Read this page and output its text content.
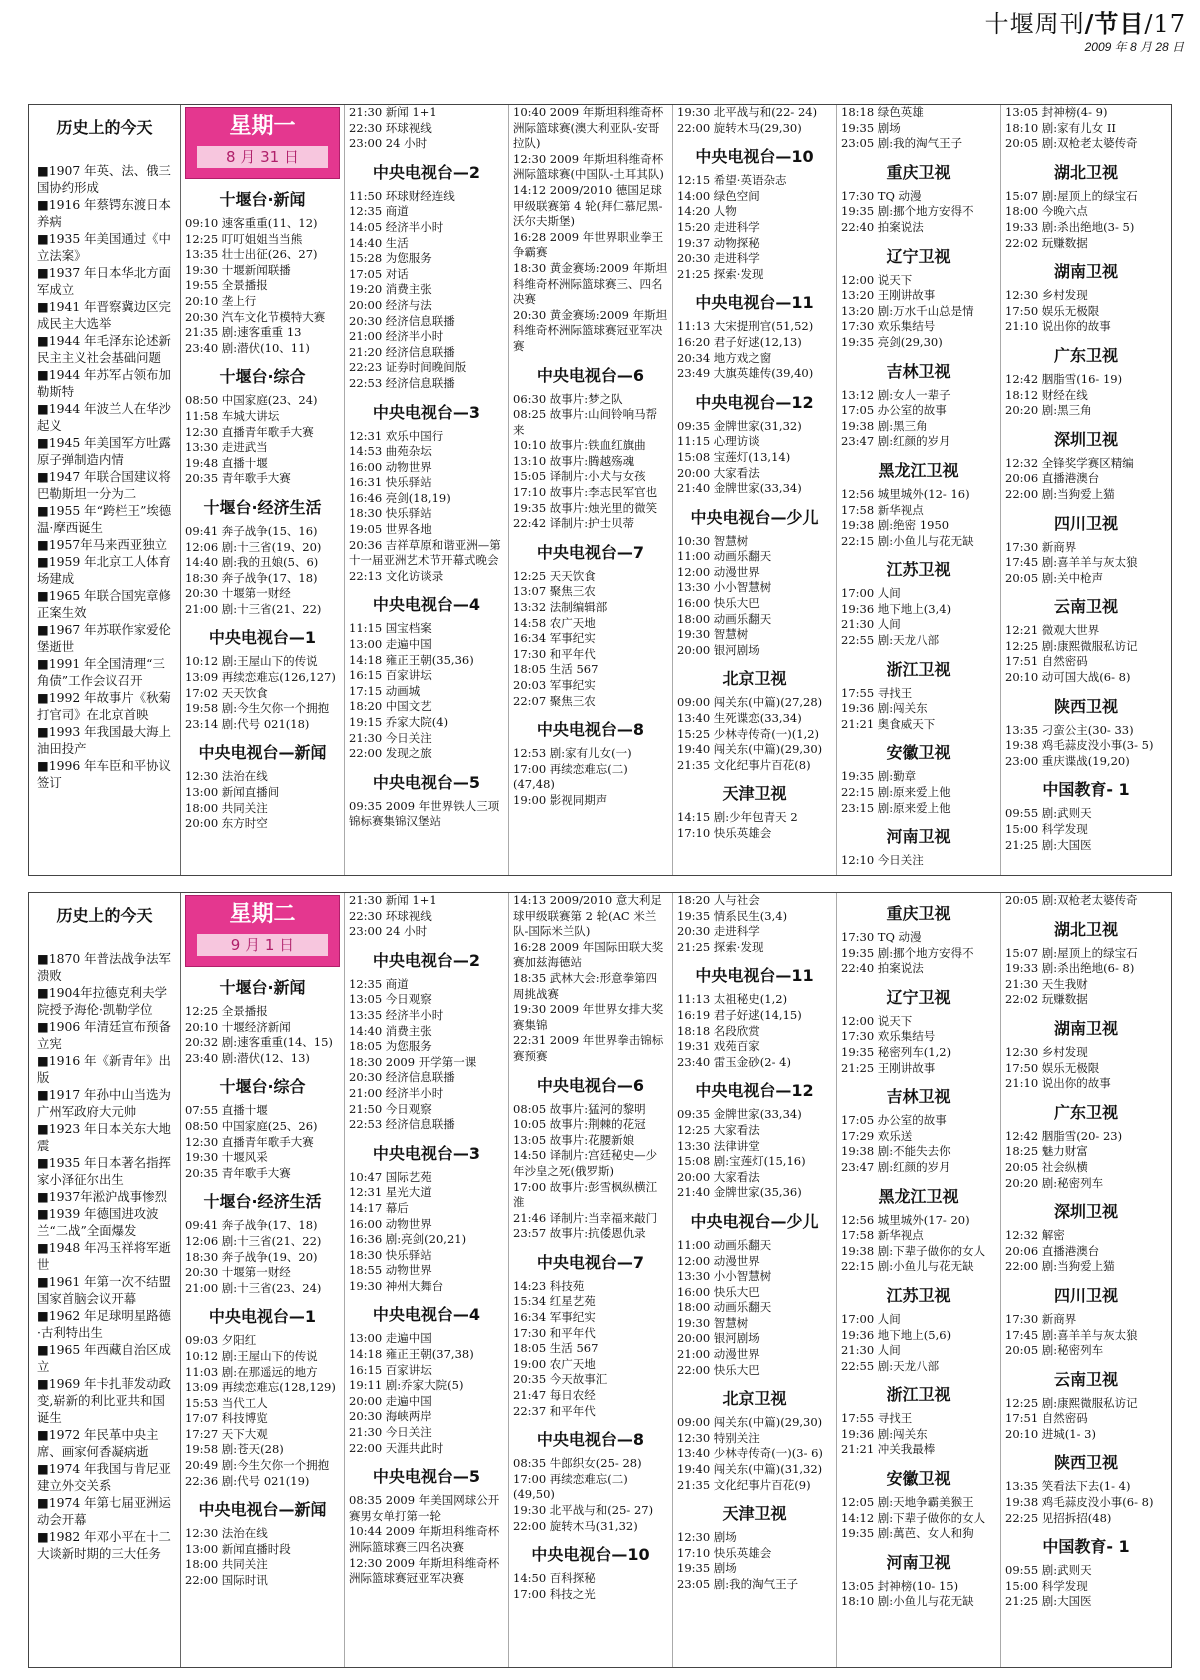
十堰周刊/节目/17
2009 年 8 月 28 日
历史上的今天
■1907 年英、法、俄三国协约形成
■1916 年蔡锷东渡日本养病
■1935 年美国通过《中立法案》
■1937 年日本华北方面军成立
■1941 年晋察冀边区完成民主大选举
■1944 年毛泽东论述新民主主义社会基础问题
■1944 年苏军占领布加勒斯特
■1944 年波兰人在华沙起义
■1945 年美国军方吐露原子弹制造内情
■1947 年联合国建议将巴勒斯坦一分为二
■1955 年“跨栏王”埃德温·摩西诞生
■1957年马来西亚独立
■1959 年北京工人体育场建成
■1965 年联合国宪章修正案生效
■1967 年苏联作家爱伦堡逝世
■1991 年全国清理“三角债”工作会议召开
■1992 年故事片《秋菊打官司》在北京首映
■1993 年我国最大海上油田投产
■1996 年车臣和平协议签订
星期一
8 月 31 日
十堰台·新闻
09:10 速客重重(11、12)
12:25 叮叮姐姐当当熊
13:35 壮士出征(26、27)
19:30 十堰新闻联播
19:55 全景播报
20:10 垄上行
20:30 汽车文化节模特大赛
21:35 剧:速客重重 13
23:40 剧:潜伏(10、11)
十堰台·综合
08:50 中国家庭(23、24)
11:58 车城大讲坛
12:30 直播青年歌手大赛
13:30 走进武当
19:48 直播十堰
20:35 青年歌手大赛
十堰台·经济生活
09:41 奔子战争(15、16)
12:06 剧:十三省(19、20)
14:40 剧:我的丑娘(5、6)
18:30 奔子战争(17、18)
20:30 十堰第一财经
21:00 剧:十三省(21、22)
中央电视台—1
10:12 剧:王屋山下的传说
13:09 再续恋难忘(126,127)
17:02 天天饮食
19:58 剧:今生欠你一个拥抱
23:14 剧:代号 021(18)
中央电视台—新闻
12:30 法治在线
13:00 新闻直播间
18:00 共同关注
20:00 东方时空
21:30 新闻 1+1
22:30 环球视线
23:00 24 小时
中央电视台—2
11:50 环球财经连线
12:35 商道
14:05 经济半小时
14:40 生活
15:28 为您服务
17:05 对话
19:20 消费主张
20:00 经济与法
20:30 经济信息联播
21:00 经济半小时
21:20 经济信息联播
22:23 证券时间晚间版
22:53 经济信息联播
中央电视台—3
12:31 欢乐中国行
14:53 曲苑杂坛
16:00 动物世界
16:31 快乐驿站
16:46 亮剑(18,19)
18:30 快乐驿站
19:05 世界各地
20:36 吉祥草原和谐亚洲—第十一届亚洲艺术节开幕式晚会
22:13 文化访谈录
中央电视台—4
11:15 国宝档案
13:00 走遍中国
14:18 雍正王朝(35,36)
16:15 百家讲坛
17:15 动画城
18:20 中国文艺
19:15 乔家大院(4)
21:30 今日关注
22:00 发现之旅
中央电视台—5
09:35 2009 年世界铁人三项锦标赛集锦汉堡站
10:40 2009 年斯坦科维奇杯洲际篮球赛(澳大利亚队-安哥拉队)
12:30 2009 年斯坦科维奇杯洲际篮球赛(中国队-土耳其队)
14:12 2009/2010 德国足球甲级联赛第 4 轮(拜仁慕尼黑-沃尔夫斯堡)
16:28 2009 年世界职业拳王争霸赛
18:30 黄金赛场:2009 年斯坦科维奇杯洲际篮球赛三、四名决赛
20:30 黄金赛场:2009 年斯坦科维奇杯洲际篮球赛冠亚军决赛
中央电视台—6
06:30 故事片:梦之队
08:25 故事片:山间铃响马帮来
10:10 故事片:铁血红旗曲
13:10 故事片:腾越殇魂
15:05 译制片:小犬与女孩
17:10 故事片:李志民军官也
19:35 故事片:烛光里的微笑
22:42 译制片:护士贝蒂
中央电视台—7
12:25 天天饮食
13:07 聚焦三农
13:32 法制编辑部
14:58 农广天地
16:34 军事纪实
17:30 和平年代
18:05 生活 567
20:03 军事纪实
22:07 聚焦三农
中央电视台—8
12:53 剧:家有儿女(一)
17:00 再续恋难忘(二)(47,48)
19:00 影视同期声
19:30 北平战与和(22- 24)
22:00 旋转木马(29,30)
中央电视台—10
12:15 希望·英语杂志
14:00 绿色空间
14:20 人物
15:20 走进科学
19:37 动物探秘
20:30 走进科学
21:25 探索·发现
中央电视台—11
11:13 大宋提刑官(51,52)
16:20 君子好逑(12,13)
20:34 地方戏之窗
23:49 大旗英雄传(39,40)
中央电视台—12
09:35 金牌世家(31,32)
11:15 心理访谈
15:08 宝莲灯(13,14)
20:00 大家看法
21:40 金牌世家(33,34)
中央电视台—少儿
10:30 智慧树
11:00 动画乐翻天
12:00 动漫世界
13:30 小小智慧树
16:00 快乐大巴
18:00 动画乐翻天
19:30 智慧树
20:00 银河剧场
北京卫视
09:00 闯关东(中篇)(27,28)
13:40 生死谍恋(33,34)
15:25 少林寺传奇(一)(1,2)
19:40 闯关东(中篇)(29,30)
21:35 文化纪事片百花(8)
天津卫视
14:15 剧:少年包青天 2
17:10 快乐英雄会
18:18 绿色英雄
19:35 剧场
23:05 剧:我的淘气王子
重庆卫视
17:30 TQ 动漫
19:35 剧:挪个地方安得不
22:40 拍案说法
辽宁卫视
12:00 说天下
13:20 王刚讲故事
13:20 剧:万水千山总是情
17:30 欢乐集结号
19:35 亮剑(29,30)
吉林卫视
13:12 剧:女人一辈子
17:05 办公室的故事
19:38 剧:黑三角
23:47 剧:红颜的岁月
黑龙江卫视
12:56 城里城外(12- 16)
17:58 新华视点
19:38 剧:绝密 1950
22:15 剧:小鱼儿与花无缺
江苏卫视
17:00 人间
19:36 地下地上(3,4)
21:30 人间
22:55 剧:天龙八部
浙江卫视
17:55 寻找王
19:36 剧:闯关东
21:21 奥食威天下
安徽卫视
19:35 剧:勤章
22:15 剧:原来爱上他
23:15 剧:原来爱上他
河南卫视
12:10 今日关注
13:05 封神榜(4- 9)
18:10 剧:家有儿女 II
20:05 剧:双枪老太婆传奇
湖北卫视
15:07 剧:屋顶上的绿宝石
18:00 今晚六点
19:33 剧:杀出绝地(3- 5)
22:02 玩赚数据
湖南卫视
12:30 乡村发现
17:50 娱乐无极限
21:10 说出你的故事
广东卫视
12:42 胭脂雪(16- 19)
18:12 财经在线
20:20 剧:黑三角
深圳卫视
12:32 全锋奖学赛区精编
20:06 直播港澳台
22:00 剧:当狗爱上猫
四川卫视
17:30 新商界
17:45 剧:喜羊羊与灰太狼
20:05 剧:关中枪声
云南卫视
12:21 微观大世界
12:25 剧:康熙微服私访记
17:51 自然密码
20:10 动可国大战(6- 8)
陕西卫视
13:35 刁蛮公主(30- 33)
19:38 鸡毛蒜皮没小事(3- 5)
23:00 重庆谍战(19,20)
中国教育- 1
09:55 剧:武则天
15:00 科学发现
21:25 剧:大国医
历史上的今天
■1870 年普法战争法军溃败
■1904年拉德克利夫学院授予海伦·凯勒学位
■1906 年清廷宣布预备立宪
■1916 年《新青年》出版
■1917 年孙中山当选为广州军政府大元帅
■1923 年日本关东大地震
■1935 年日本著名指挥家小泽征尔出生
■1937年淞沪战事惨烈
■1939 年德国进攻波兰“二战”全面爆发
■1948 年冯玉祥将军逝世
■1961 年第一次不结盟国家首脑会议开幕
■1962 年足球明星路德·古利特出生
■1965 年西藏自治区成立
■1969 年卡扎菲发动政变,崭新的利比亚共和国诞生
■1972 年民革中央主席、画家何香凝病逝
■1974 年我国与肯尼亚建立外交关系
■1974 年第七届亚洲运动会开幕
■1982 年邓小平在十二大谈新时期的三大任务
星期二
9 月 1 日
十堰台·新闻
12:25 全景播报
20:10 十堰经济新闻
20:32 剧:速客重重(14、15)
23:40 剧:潜伏(12、13)
十堰台·综合
07:55 直播十堰
08:50 中国家庭(25、26)
12:30 直播青年歌手大赛
19:30 十堰风采
20:35 青年歌手大赛
十堰台·经济生活
09:41 奔子战争(17、18)
12:06 剧:十三省(21、22)
18:30 奔子战争(19、20)
20:30 十堰第一财经
21:00 剧:十三省(23、24)
中央电视台—1
09:03 夕阳红
10:12 剧:王屋山下的传说
11:03 剧:在那遥远的地方
13:09 再续恋难忘(128,129)
15:53 当代工人
17:07 科技博览
17:27 天下大观
19:58 剧:苍天(28)
20:49 剧:今生欠你一个拥抱
22:36 剧:代号 021(19)
中央电视台—新闻
12:30 法治在线
13:00 新闻直播时段
18:00 共同关注
22:00 国际时讯
21:30 新闻 1+1
22:30 环球视线
23:00 24 小时
中央电视台—2
12:35 商道
13:05 今日观察
13:35 经济半小时
14:40 消费主张
18:05 为您服务
18:30 2009 开学第一课
20:30 经济信息联播
21:00 经济半小时
21:50 今日观察
22:53 经济信息联播
中央电视台—3
10:47 国际艺苑
12:31 星光大道
14:17 幕后
16:00 动物世界
16:36 剧:亮剑(20,21)
18:30 快乐驿站
18:55 动物世界
19:30 神州大舞台
中央电视台—4
13:00 走遍中国
14:18 雍正王朝(37,38)
16:15 百家讲坛
19:11 剧:乔家大院(5)
20:00 走遍中国
20:30 海峡两岸
21:30 今日关注
22:00 天涯共此时
中央电视台—5
08:35 2009 年美国网球公开赛男女单打第一轮
10:44 2009 年斯坦科维奇杯洲际篮球赛三四名决赛
12:30 2009 年斯坦科维奇杯洲际篮球赛冠亚军决赛
14:13 2009/2010 意大利足球甲级联赛第 2 轮(AC 米兰队-国际米兰队)
16:28 2009 年国际田联大奖赛加兹海德站
18:35 武林大会:形意拳第四周挑战赛
19:30 2009 年世界女排大奖赛集锦
22:31 2009 年世界拳击锦标赛预赛
中央电视台—6
08:05 故事片:猛河的黎明
10:05 故事片:荆棘的花冠
13:05 故事片:花腰新娘
14:50 译制片:宫廷秘史—少年沙皇之死(俄罗斯)
17:00 故事片:彭雪枫纵横江淮
21:46 译制片:当幸福来敲门
23:57 故事片:抗倭恩仇录
中央电视台—7
14:23 科技苑
15:34 红星艺苑
16:34 军事纪实
17:30 和平年代
18:05 生活 567
19:00 农广天地
20:35 今天故事汇
21:47 每日农经
22:37 和平年代
中央电视台—8
08:35 牛郎织女(25- 28)
17:00 再续恋难忘(二)(49,50)
19:30 北平战与和(25- 27)
22:00 旋转木马(31,32)
中央电视台—10
14:50 百科探秘
17:00 科技之光
18:20 人与社会
19:35 情系民生(3,4)
20:30 走进科学
21:25 探索·发现
中央电视台—11
11:13 太祖秘史(1,2)
16:19 君子好逑(14,15)
18:18 名段欣赏
19:31 戏苑百家
23:40 雷玉金砂(2- 4)
中央电视台—12
09:35 金牌世家(33,34)
12:25 大家看法
13:30 法律讲堂
15:08 剧:宝莲灯(15,16)
20:00 大家看法
21:40 金牌世家(35,36)
中央电视台—少儿
11:00 动画乐翻天
12:00 动漫世界
13:30 小小智慧树
16:00 快乐大巴
18:00 动画乐翻天
19:30 智慧树
20:00 银河剧场
21:00 动漫世界
22:00 快乐大巴
北京卫视
09:00 闯关东(中篇)(29,30)
12:30 特别关注
13:40 少林寺传奇(一)(3- 6)
19:40 闯关东(中篇)(31,32)
21:35 文化纪事片百花(9)
天津卫视
12:30 剧场
17:10 快乐英雄会
19:35 剧场
23:05 剧:我的淘气王子
重庆卫视
17:30 TQ 动漫
19:35 剧:挪个地方安得不
22:40 拍案说法
辽宁卫视
12:00 说天下
17:30 欢乐集结号
19:35 秘密列车(1,2)
21:25 王刚讲故事
吉林卫视
17:05 办公室的故事
17:29 欢乐送
19:38 剧:不能失去你
23:47 剧:红颜的岁月
黑龙江卫视
12:56 城里城外(17- 20)
17:58 新华视点
19:38 剧:下辈子做你的女人
22:15 剧:小鱼儿与花无缺
江苏卫视
17:00 人间
19:36 地下地上(5,6)
21:30 人间
22:55 剧:天龙八部
浙江卫视
17:55 寻找王
19:36 剧:闯关东
21:21 冲关我最棒
安徽卫视
12:05 剧:天地争霸美猴王
14:12 剧:下辈子做你的女人
19:35 剧:萬芭、女人和狗
河南卫视
13:05 封神榜(10- 15)
18:10 剧:小鱼儿与花无缺
20:05 剧:双枪老太婆传奇
湖北卫视
15:07 剧:屋顶上的绿宝石
19:33 剧:杀出绝地(6- 8)
21:30 天生我财
22:02 玩赚数据
湖南卫视
12:30 乡村发现
17:50 娱乐无极限
21:10 说出你的故事
广东卫视
12:42 胭脂雪(20- 23)
18:25 魅力财富
20:05 社会纵横
20:20 剧:秘密列车
深圳卫视
12:32 解密
20:06 直播港澳台
22:00 剧:当狗爱上猫
四川卫视
17:30 新商界
17:45 剧:喜羊羊与灰太狼
20:05 剧:秘密列车
云南卫视
12:25 剧:康熙微服私访记
17:51 自然密码
20:10 进城(1- 3)
陕西卫视
13:35 笑看法下去(1- 4)
19:38 鸡毛蒜皮没小事(6- 8)
22:25 见招拆招(48)
中国教育- 1
09:55 剧:武则天
15:00 科学发现
21:25 剧:大国医
